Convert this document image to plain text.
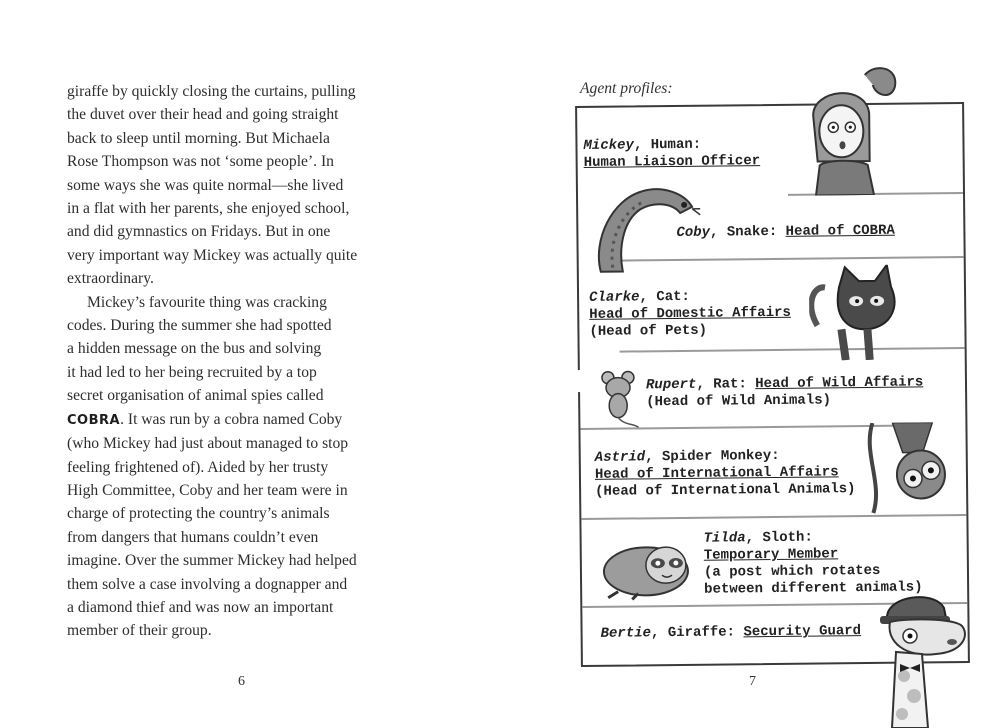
giraffe by quickly closing the curtains, pulling
the duvet over their head and going straight
back to sleep until morning. But Michaela
Rose Thompson was not ‘some people’. In
some ways she was quite normal—she lived
in a flat with her parents, she enjoyed school,
and did gymnastics on Fridays. But in one
very important way Mickey was actually quite
extraordinary.
Mickey’s favourite thing was cracking
codes. During the summer she had spotted
a hidden message on the bus and solving
it had led to her being recruited by a top
secret organisation of animal spies called
COBRA. It was run by a cobra named Coby
(who Mickey had just about managed to stop
feeling frightened of). Aided by her trusty
High Committee, Coby and her team were in
charge of protecting the country’s animals
from dangers that humans couldn’t even
imagine. Over the summer Mickey had helped
them solve a case involving a dognapper and
a diamond thief and was now an important
member of their group.
6
Agent profiles:
Mickey, Human:
Human Liaison Officer
Coby, Snake: Head of COBRA
Clarke, Cat:
Head of Domestic Affairs
(Head of Pets)
Rupert, Rat: Head of Wild Affairs
(Head of Wild Animals)
Astrid, Spider Monkey:
Head of International Affairs
(Head of International Animals)
Tilda, Sloth:
Temporary Member
(a post which rotates
between different animals)
Bertie, Giraffe: Security Guard
7
